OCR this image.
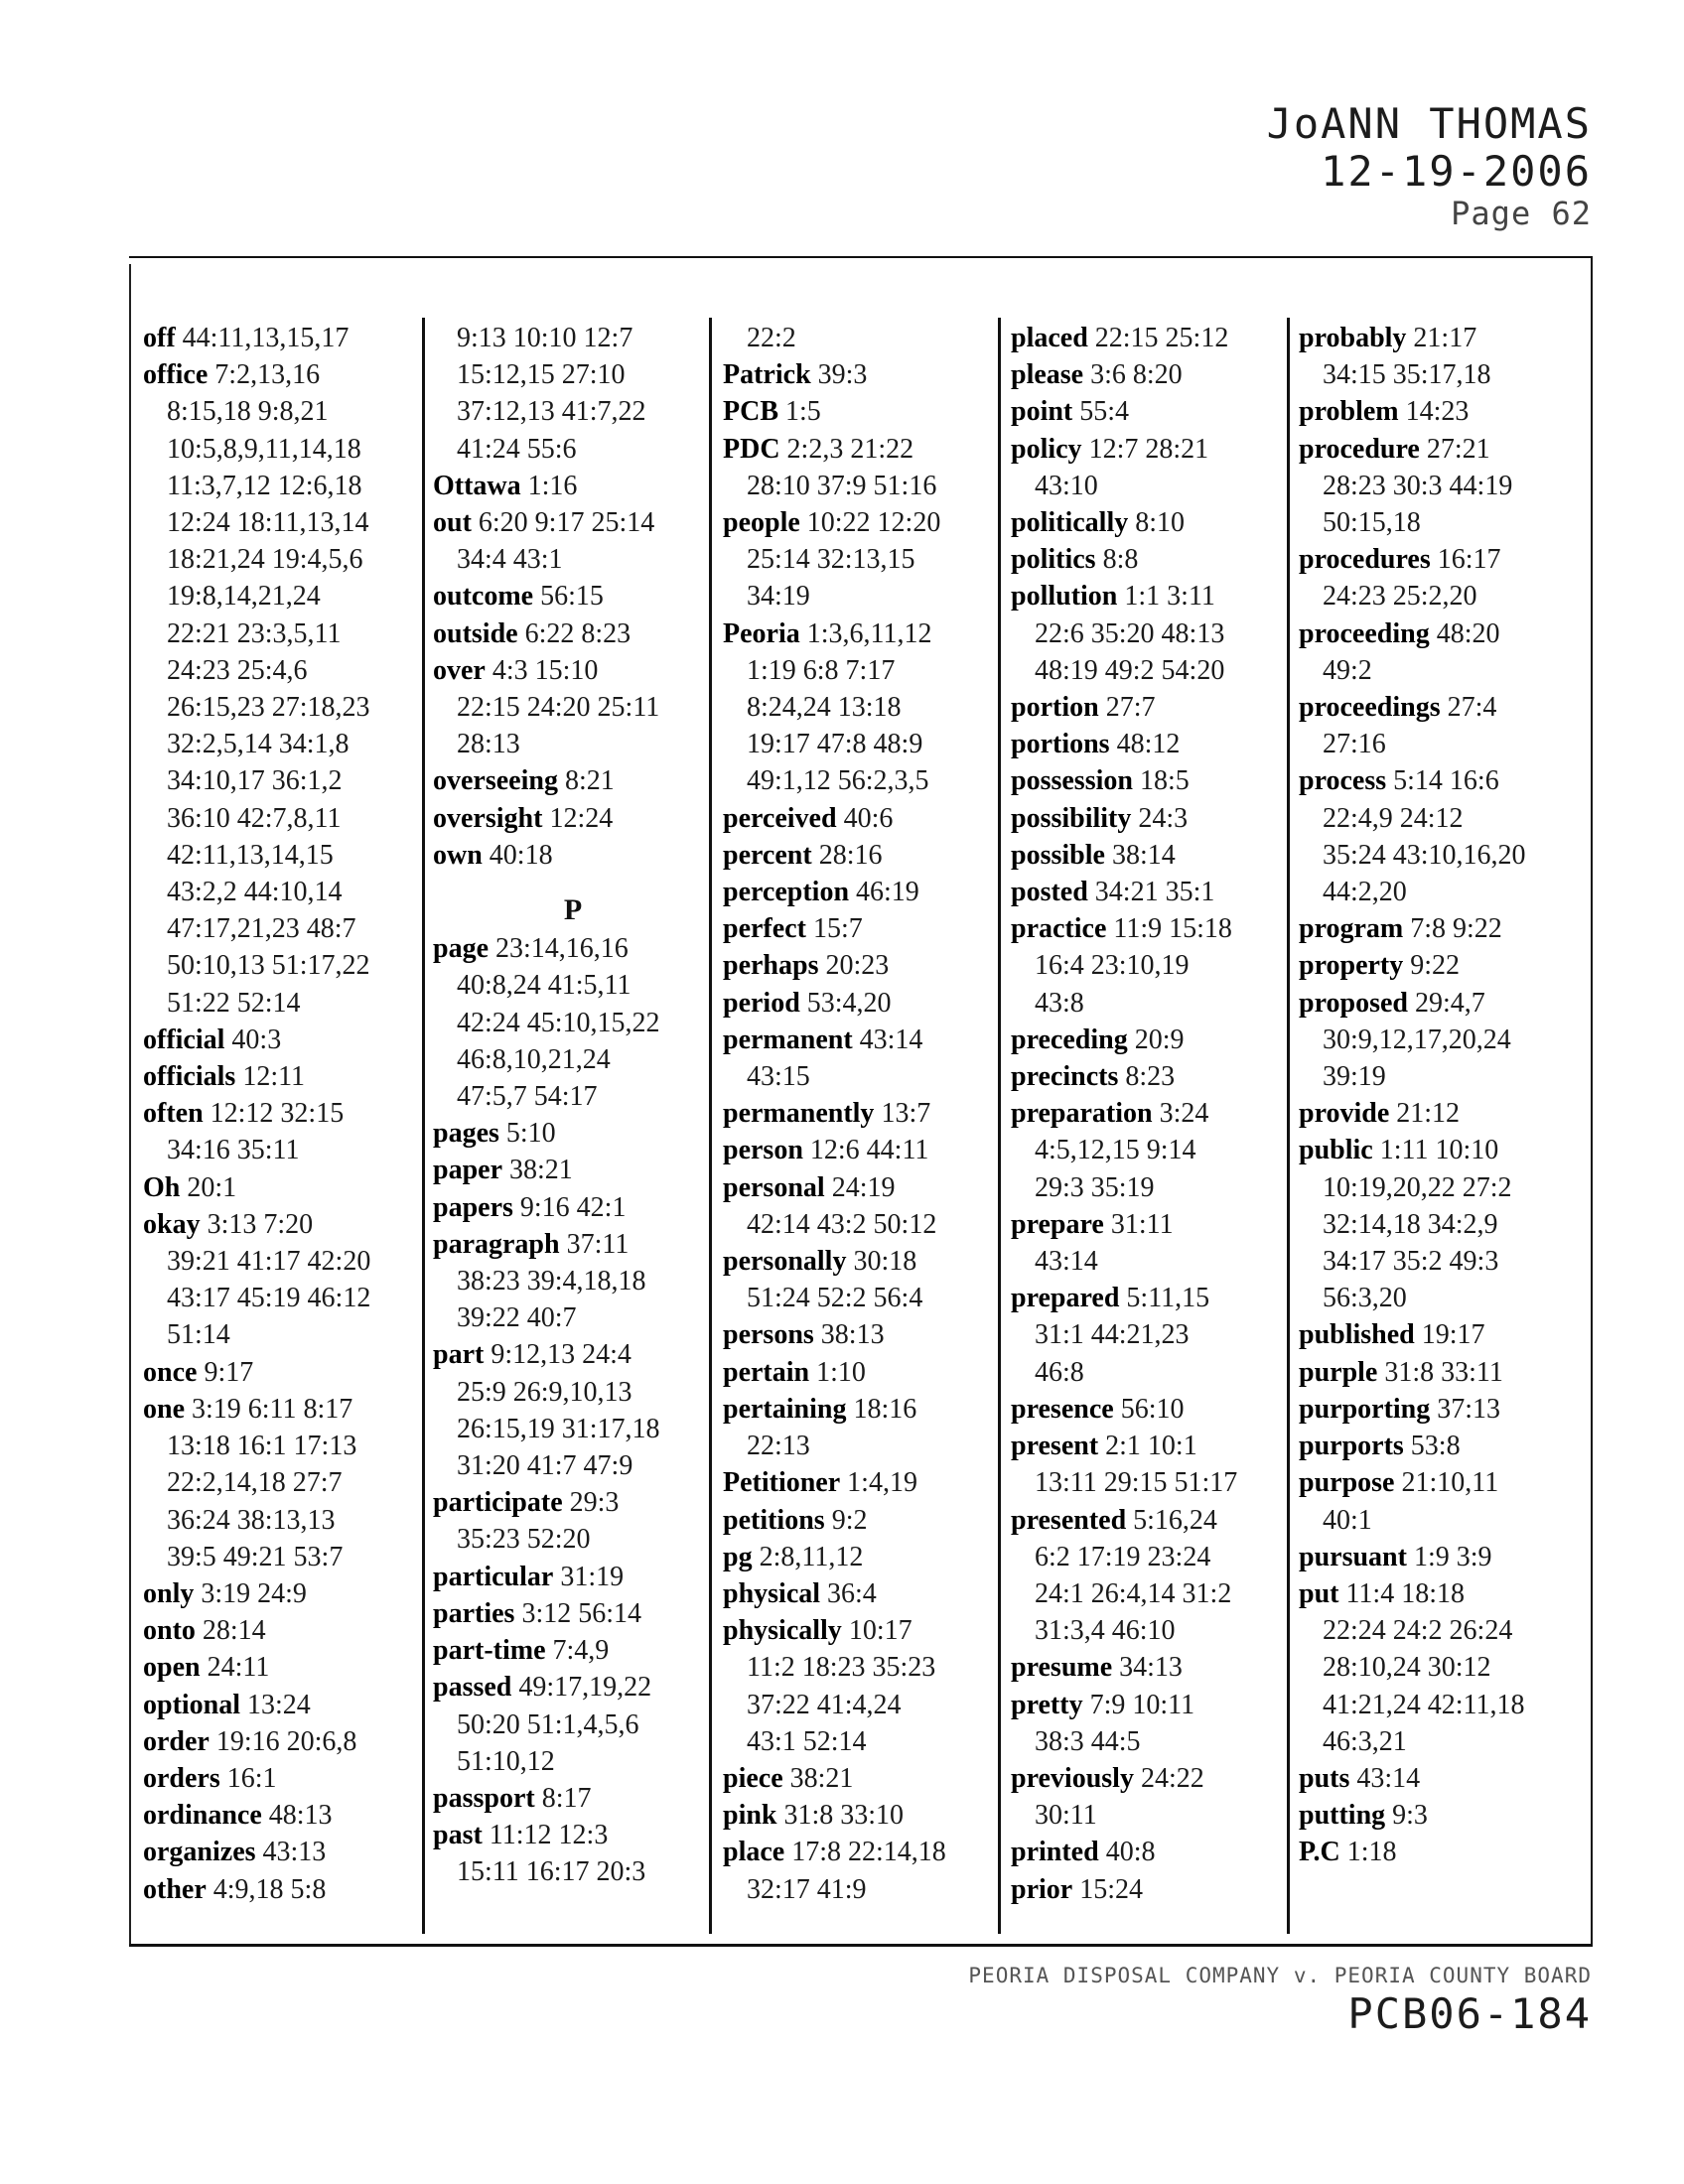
JoANN THOMAS
12-19-2006
Page 62
off 44:11,13,15,17
office 7:2,13,16
8:15,18 9:8,21
10:5,8,9,11,14,18
11:3,7,12 12:6,18
12:24 18:11,13,14
18:21,24 19:4,5,6
19:8,14,21,24
22:21 23:3,5,11
24:23 25:4,6
26:15,23 27:18,23
32:2,5,14 34:1,8
34:10,17 36:1,2
36:10 42:7,8,11
42:11,13,14,15
43:2,2 44:10,14
47:17,21,23 48:7
50:10,13 51:17,22
51:22 52:14
official 40:3
officials 12:11
often 12:12 32:15
34:16 35:11
Oh 20:1
okay 3:13 7:20
39:21 41:17 42:20
43:17 45:19 46:12
51:14
once 9:17
one 3:19 6:11 8:17
13:18 16:1 17:13
22:2,14,18 27:7
36:24 38:13,13
39:5 49:21 53:7
only 3:19 24:9
onto 28:14
open 24:11
optional 13:24
order 19:16 20:6,8
orders 16:1
ordinance 48:13
organizes 43:13
other 4:9,18 5:8
9:13 10:10 12:7
15:12,15 27:10
37:12,13 41:7,22
41:24 55:6
Ottawa 1:16
out 6:20 9:17 25:14
34:4 43:1
outcome 56:15
outside 6:22 8:23
over 4:3 15:10
22:15 24:20 25:11
28:13
overseeing 8:21
oversight 12:24
own 40:18
P
page 23:14,16,16
40:8,24 41:5,11
42:24 45:10,15,22
46:8,10,21,24
47:5,7 54:17
pages 5:10
paper 38:21
papers 9:16 42:1
paragraph 37:11
38:23 39:4,18,18
39:22 40:7
part 9:12,13 24:4
25:9 26:9,10,13
26:15,19 31:17,18
31:20 41:7 47:9
participate 29:3
35:23 52:20
particular 31:19
parties 3:12 56:14
part-time 7:4,9
passed 49:17,19,22
50:20 51:1,4,5,6
51:10,12
passport 8:17
past 11:12 12:3
15:11 16:17 20:3
22:2
Patrick 39:3
PCB 1:5
PDC 2:2,3 21:22
28:10 37:9 51:16
people 10:22 12:20
25:14 32:13,15
34:19
Peoria 1:3,6,11,12
1:19 6:8 7:17
8:24,24 13:18
19:17 47:8 48:9
49:1,12 56:2,3,5
perceived 40:6
percent 28:16
perception 46:19
perfect 15:7
perhaps 20:23
period 53:4,20
permanent 43:14
43:15
permanently 13:7
person 12:6 44:11
personal 24:19
42:14 43:2 50:12
personally 30:18
51:24 52:2 56:4
persons 38:13
pertain 1:10
pertaining 18:16
22:13
Petitioner 1:4,19
petitions 9:2
pg 2:8,11,12
physical 36:4
physically 10:17
11:2 18:23 35:23
37:22 41:4,24
43:1 52:14
piece 38:21
pink 31:8 33:10
place 17:8 22:14,18
32:17 41:9
placed 22:15 25:12
please 3:6 8:20
point 55:4
policy 12:7 28:21
43:10
politically 8:10
politics 8:8
pollution 1:1 3:11
22:6 35:20 48:13
48:19 49:2 54:20
portion 27:7
portions 48:12
possession 18:5
possibility 24:3
possible 38:14
posted 34:21 35:1
practice 11:9 15:18
16:4 23:10,19
43:8
preceding 20:9
precincts 8:23
preparation 3:24
4:5,12,15 9:14
29:3 35:19
prepare 31:11
43:14
prepared 5:11,15
31:1 44:21,23
46:8
presence 56:10
present 2:1 10:1
13:11 29:15 51:17
presented 5:16,24
6:2 17:19 23:24
24:1 26:4,14 31:2
31:3,4 46:10
presume 34:13
pretty 7:9 10:11
38:3 44:5
previously 24:22
30:11
printed 40:8
prior 15:24
probably 21:17
34:15 35:17,18
problem 14:23
procedure 27:21
28:23 30:3 44:19
50:15,18
procedures 16:17
24:23 25:2,20
proceeding 48:20
49:2
proceedings 27:4
27:16
process 5:14 16:6
22:4,9 24:12
35:24 43:10,16,20
44:2,20
program 7:8 9:22
property 9:22
proposed 29:4,7
30:9,12,17,20,24
39:19
provide 21:12
public 1:11 10:10
10:19,20,22 27:2
32:14,18 34:2,9
34:17 35:2 49:3
56:3,20
published 19:17
purple 31:8 33:11
purporting 37:13
purports 53:8
purpose 21:10,11
40:1
pursuant 1:9 3:9
put 11:4 18:18
22:24 24:2 26:24
28:10,24 30:12
41:21,24 42:11,18
46:3,21
puts 43:14
putting 9:3
P.C 1:18
PEORIA DISPOSAL COMPANY v. PEORIA COUNTY BOARD
PCB06-184
